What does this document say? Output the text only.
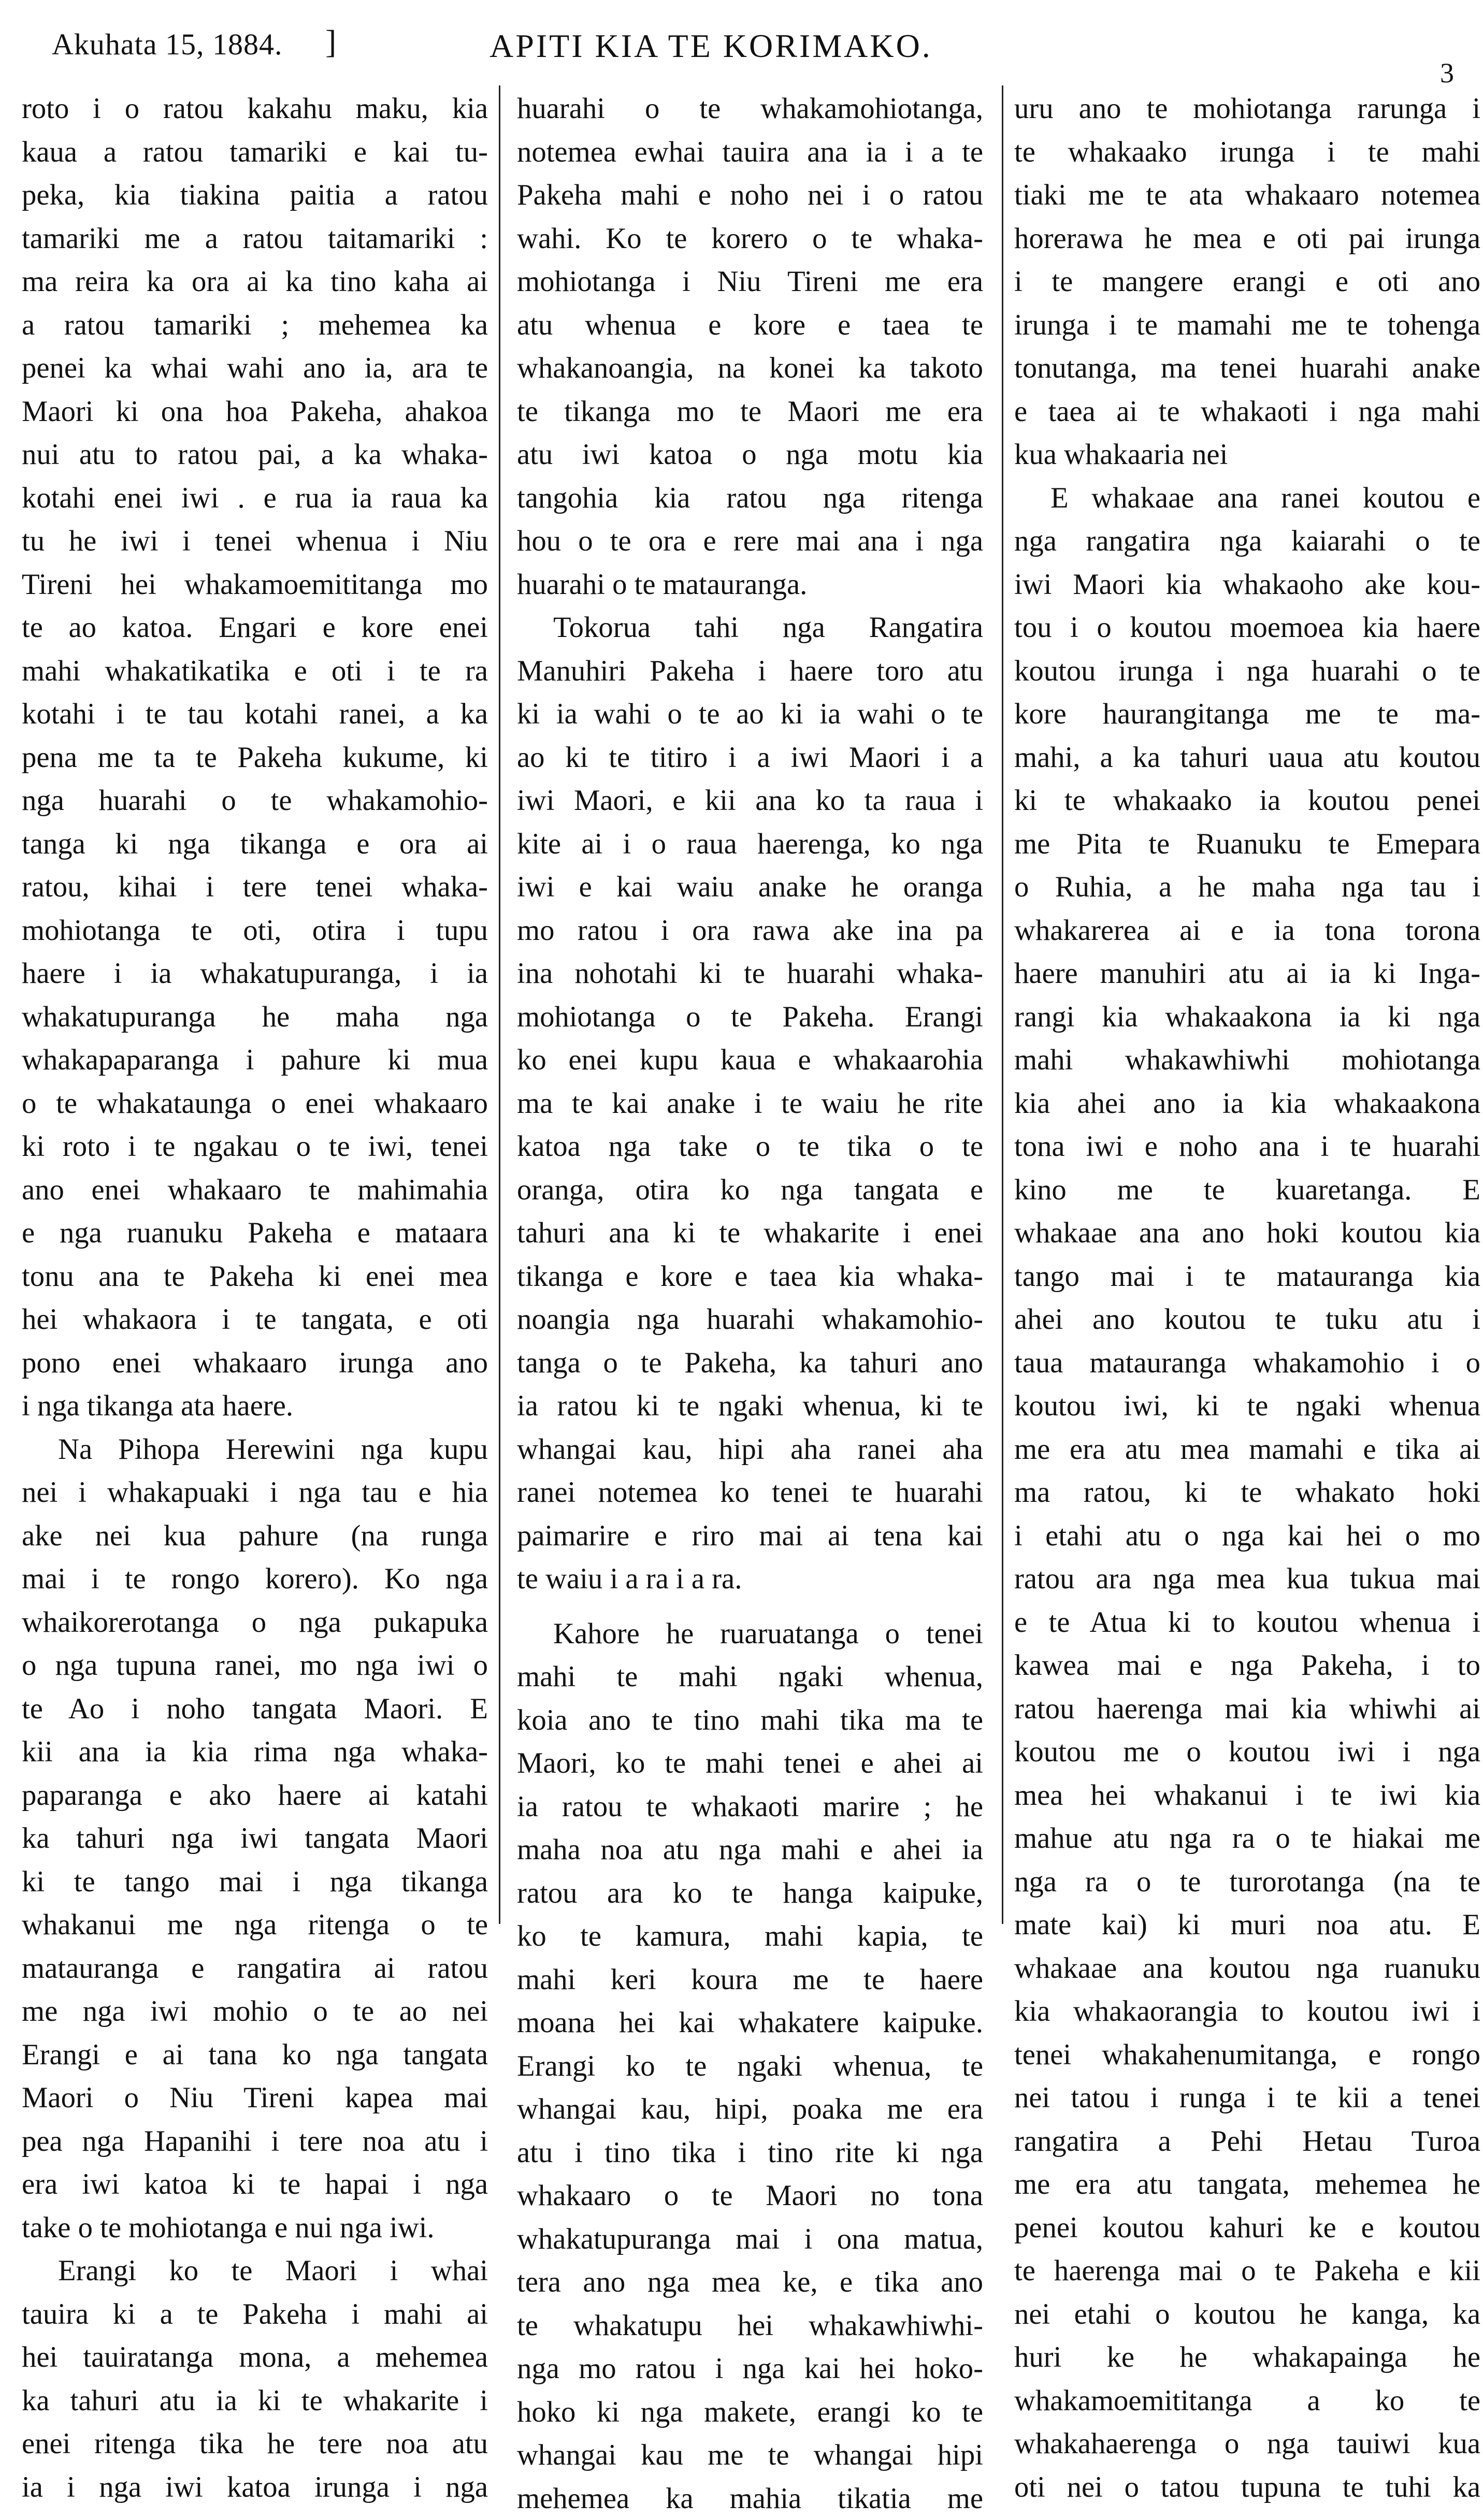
Akuhata 15, 1884. ]	APITI KIA TE KORIMAKO.
3
roto i o ratou kakahu maku, kia
kaua a ratou tamariki e kai tu-
peka, kia tiakina paitia a ratou
tamariki me a ratou taitamariki :
ma reira ka ora ai ka tino kaha ai
a ratou tamariki ; mehemea ka
penei ka whai wahi ano ia, ara te
Maori ki ona hoa Pakeha, ahakoa
nui atu to ratou pai, a ka whaka-
kotahi enei iwi . e rua ia raua ka
tu he iwi i tenei whenua i Niu
Tireni hei whakamoemititanga mo
te ao katoa. Engari e kore enei
mahi whakatikatika e oti i te ra
kotahi i te tau kotahi ranei, a ka
pena me ta te Pakeha kukume, ki
nga huarahi o te whakamohio-
tanga ki nga tikanga e ora ai
ratou, kihai i tere tenei whaka-
mohiotanga te oti, otira i tupu
haere i ia whakatupuranga, i ia
whakatupuranga he maha nga
whakapaparanga i pahure ki mua
o te whakataunga o enei whakaaro
ki roto i te ngakau o te iwi, tenei
ano enei whakaaro te mahimahia
e nga ruanuku Pakeha e mataara
tonu ana te Pakeha ki enei mea
hei whakaora i te tangata, e oti
pono enei whakaaro irunga ano
i nga tikanga ata haere.
Na Pihopa Herewini nga kupu
nei i whakapuaki i nga tau e hia
ake nei kua pahure (na runga
mai i te rongo korero). Ko nga
whaikorerotanga o nga pukapuka
o nga tupuna ranei, mo nga iwi o
te Ao i noho tangata Maori. E
kii ana ia kia rima nga whaka-
paparanga e ako haere ai katahi
ka tahuri nga iwi tangata Maori
ki te tango mai i nga tikanga
whakanui me nga ritenga o te
matauranga e rangatira ai ratou
me nga iwi mohio o te ao nei
Erangi e ai tana ko nga tangata
Maori o Niu Tireni kapea mai
pea nga Hapanihi i tere noa atu i
era iwi katoa ki te hapai i nga
take o te mohiotanga e nui nga iwi.
Erangi ko te Maori i whai
tauira ki a te Pakeha i mahi ai
hei tauiratanga mona, a mehemea
ka tahuri atu ia ki te whakarite i
enei ritenga tika he tere noa atu
ia i nga iwi katoa irunga i nga
huarahi o te whakamohiotanga,
notemea ewhai tauira ana ia i a te
Pakeha mahi e noho nei i o ratou
wahi. Ko te korero o te whaka-
mohiotanga i Niu Tireni me era
atu whenua e kore e taea te
whakanoangia, na konei ka takoto
te tikanga mo te Maori me era
atu iwi katoa o nga motu kia
tangohia kia ratou nga ritenga
hou o te ora e rere mai ana i nga
huarahi o te matauranga.
Tokorua tahi nga Rangatira
Manuhiri Pakeha i haere toro atu
ki ia wahi o te ao ki ia wahi o te
ao ki te titiro i a iwi Maori i a
iwi Maori, e kii ana ko ta raua i
kite ai i o raua haerenga, ko nga
iwi e kai waiu anake he oranga
mo ratou i ora rawa ake ina pa
ina nohotahi ki te huarahi whaka-
mohiotanga o te Pakeha. Erangi
ko enei kupu kaua e whakaarohia
ma te kai anake i te waiu he rite
katoa nga take o te tika o te
oranga, otira ko nga tangata e
tahuri ana ki te whakarite i enei
tikanga e kore e taea kia whaka-
noangia nga huarahi whakamohio-
tanga o te Pakeha, ka tahuri ano
ia ratou ki te ngaki whenua, ki te
whangai kau, hipi aha ranei aha
ranei notemea ko tenei te huarahi
paimarire e riro mai ai tena kai
te waiu i a ra i a ra.
Kahore he ruaruatanga o tenei
mahi te mahi ngaki whenua,
koia ano te tino mahi tika ma te
Maori, ko te mahi tenei e ahei ai
ia ratou te whakaoti marire ; he
maha noa atu nga mahi e ahei ia
ratou ara ko te hanga kaipuke,
ko te kamura, mahi kapia, te
mahi keri koura me te haere
moana hei kai whakatere kaipuke.
Erangi ko te ngaki whenua, te
whangai kau, hipi, poaka me era
atu i tino tika i tino rite ki nga
whakaaro o te Maori no tona
whakatupuranga mai i ona matua,
tera ano nga mea ke, e tika ano
te whakatupu hei whakawhiwhi-
nga mo ratou i nga kai hei hoko-
hoko ki nga makete, erangi ko te
whangai kau me te whangai hipi
mehemea ka mahia tikatia me
uru ano te mohiotanga rarunga i
te whakaako irunga i te mahi
tiaki me te ata whakaaro notemea
horerawa he mea e oti pai irunga
i te mangere erangi e oti ano
irunga i te mamahi me te tohenga
tonutanga, ma tenei huarahi anake
e taea ai te whakaoti i nga mahi
kua whakaaria nei
E whakaae ana ranei koutou e
nga rangatira nga kaiarahi o te
iwi Maori kia whakaoho ake kou-
tou i o koutou moemoea kia haere
koutou irunga i nga huarahi o te
kore haurangitanga me te ma-
mahi, a ka tahuri uaua atu koutou
ki te whakaako ia koutou penei
me Pita te Ruanuku te Emepara
o Ruhia, a he maha nga tau i
whakarerea ai e ia tona torona
haere manuhiri atu ai ia ki Inga-
rangi kia whakaakona ia ki nga
mahi whakawhiwhi mohiotanga
kia ahei ano ia kia whakaakona
tona iwi e noho ana i te huarahi
kino me te kuaretanga. E
whakaae ana ano hoki koutou kia
tango mai i te matauranga kia
ahei ano koutou te tuku atu i
taua matauranga whakamohio i o
koutou iwi, ki te ngaki whenua
me era atu mea mamahi e tika ai
ma ratou, ki te whakato hoki
i etahi atu o nga kai hei o mo
ratou ara nga mea kua tukua mai
e te Atua ki to koutou whenua i
kawea mai e nga Pakeha, i to
ratou haerenga mai kia whiwhi ai
koutou me o koutou iwi i nga
mea hei whakanui i te iwi kia
mahue atu nga ra o te hiakai me
nga ra o te turorotanga (na te
mate kai) ki muri noa atu. E
whakaae ana koutou nga ruanuku
kia whakaorangia to koutou iwi i
tenei whakahenumitanga, e rongo
nei tatou i runga i te kii a tenei
rangatira a Pehi Hetau Turoa
me era atu tangata, mehemea he
penei koutou kahuri ke e koutou
te haerenga mai o te Pakeha e kii
nei etahi o koutou he kanga, ka
huri ke he whakapainga he
whakamoemititanga a ko te
whakahaerenga o nga tauiwi kua
oti nei o tatou tupuna te tuhi ka
